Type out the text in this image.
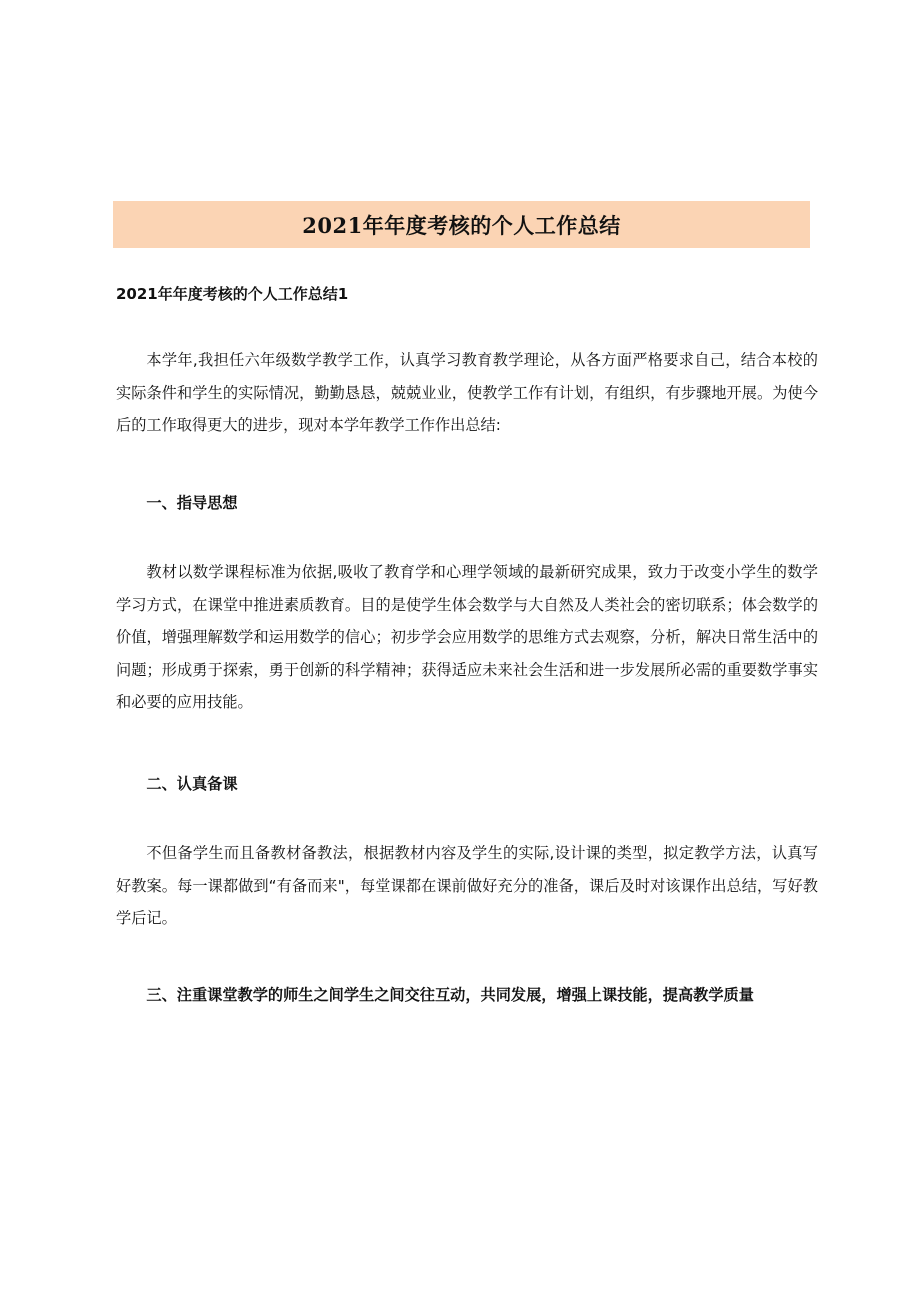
2021年年度考核的个人工作总结
2021年年度考核的个人工作总结1

本学年,我担任六年级数学教学工作，认真学习教育教学理论，从各方面严格要求自己，结合本校的实际条件和学生的实际情况，勤勤恳恳，兢兢业业，使教学工作有计划，有组织，有步骤地开展。为使今后的工作取得更大的进步，现对本学年教学工作作出总结:

一、指导思想

教材以数学课程标准为依据,吸收了教育学和心理学领域的最新研究成果，致力于改变小学生的数学学习方式，在课堂中推进素质教育。目的是使学生体会数学与大自然及人类社会的密切联系；体会数学的价值，增强理解数学和运用数学的信心；初步学会应用数学的思维方式去观察，分析，解决日常生活中的问题；形成勇于探索，勇于创新的科学精神；获得适应未来社会生活和进一步发展所必需的重要数学事实和必要的应用技能。

二、认真备课

不但备学生而且备教材备教法，根据教材内容及学生的实际,设计课的类型，拟定教学方法，认真写好教案。每一课都做到“有备而来"，每堂课都在课前做好充分的准备，课后及时对该课作出总结，写好教学后记。

三、注重课堂教学的师生之间学生之间交往互动，共同发展，增强上课技能，提高教学质量
